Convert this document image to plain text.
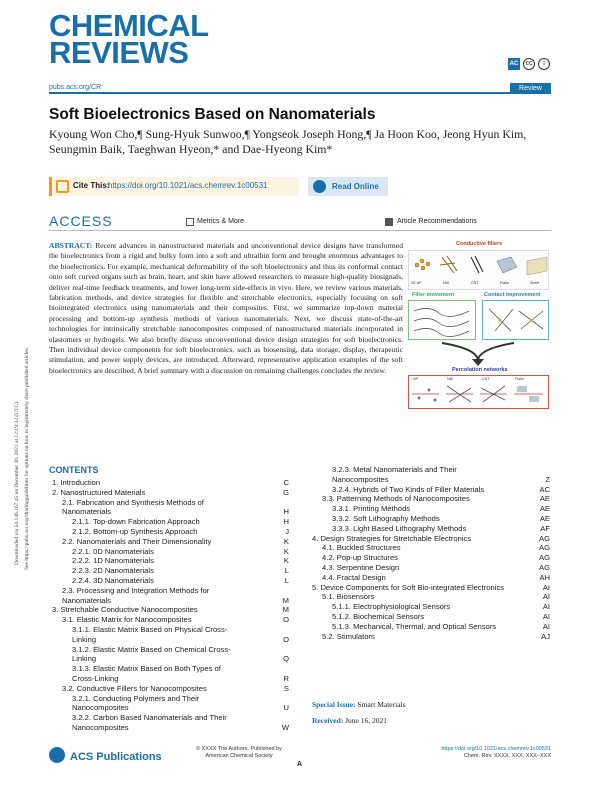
CHEMICAL
REVIEWS	AC	cc	i
pubs.acs.org/CR	Review
Soft Bioelectronics Based on Nanomaterials
Kyoung Won Cho,¶ Sung-Hyuk Sunwoo,¶ Yongseok Joseph Hong,¶ Ja Hoon Koo, Jeong Hyun Kim,
Seungmin Baik, Taeghwan Hyeon,* and Dae-Hyeong Kim*
Cite This:
https://doi.org/10.1021/acs.chemrev.1c00531	Read Online
ACCESS	Metrics & More	Article Recommendations
ABSTRACT: Recent advances in nanostructured materials and unconventional device designs have transformed the bioelectronics from a rigid and bulky form into a soft and ultrathin form and brought enormous advantages to the bioelectronics. For example, mechanical deformability of the soft bioelectronics and thus its conformal contact onto soft curved organs such as brain, heart, and skin have allowed researchers to measure high-quality biosignals, deliver real-time feedback treatments, and lower long-term side-effects in vivo. Here, we review various materials, fabrication methods, and device strategies for flexible and stretchable electronics, especially focusing on soft biointegrated electronics using nanomaterials and their composites. First, we summarize top-down material processing and bottom-up synthesis methods of various nanomaterials. Next, we discuss state-of-the-art technologies for intrinsically stretchable nanocomposites composed of nanostructured materials incorporated in elastomers or hydrogels. We also briefly discuss unconventional device design strategies for soft bioelectronics. Then individual device components for soft bioelectronics, such as biosensing, data storage, display, therapeutic stimulation, and power supply devices, are introduced. Afterward, representative application examples of the soft bioelectronics are described. A brief summary with a discussion on remaining challenges concludes the review.
Conductive fillers
0D NP	NW	CNT	Flake	Sheet
Filler movement	Contact improvement
Percolation networks
NP	NW	CNT	Flake
Downloaded via 54.146.167.45 on December 30, 2021 at 12:19:32 (UTC). See https://pubs.acs.org/sharingguidelines for options on how to legitimately share published articles. CONTENTS
1. Introduction	C
2. Nanostructured Materials	G
2.1. Fabrication and Synthesis Methods of Nanomaterials	H
2.1.1. Top-down Fabrication Approach	H
2.1.2. Bottom-up Synthesis Approach	J
2.2. Nanomaterials and Their Dimensionality	K
2.2.1. 0D Nanomaterials	K
2.2.2. 1D Nanomaterials	K
2.2.3. 2D Nanomaterials	L
2.2.4. 3D Nanomaterials	L
2.3. Processing and Integration Methods for Nanomaterials	M
3. Stretchable Conductive Nanocomposites	M
3.1. Elastic Matrix for Nanocomposites	O
3.1.1. Elastic Matrix Based on Physical Cross-Linking	O
3.1.2. Elastic Matrix Based on Chemical Cross-Linking	Q
3.1.3. Elastic Matrix Based on Both Types of Cross-Linking	R
3.2. Conductive Fillers for Nanocomposites	S
3.2.1. Conducting Polymers and Their Nanocomposites	U
3.2.2. Carbon Based Nanomaterials and Their Nanocomposites	W
3.2.3. Metal Nanomaterials and Their Nanocomposites	Z
3.2.4. Hybrids of Two Kinds of Filler Materials	AC
3.3. Patterning Methods of Nanocomposites	AE
3.3.1. Printing Methods	AE
3.3.2. Soft Lithography Methods	AE
3.3.3. Light Based Lithography Methods	AF
4. Design Strategies for Stretchable Electronics	AG
4.1. Buckled Structures	AG
4.2. Pop-up Structures	AG
4.3. Serpentine Design	AG
4.4. Fractal Design	AH
5. Device Components for Soft Bio-integrated Electronics	AI
5.1. Biosensors	AI
5.1.1. Electrophysiological Sensors	AI
5.1.2. Biochemical Sensors	AI
5.1.3. Mechanical, Thermal, and Optical Sensors	AI
5.2. Stimulators	AJ
Special Issue: Smart Materials
Received: June 16, 2021
ACS Publications
© XXXX The Authors. Published by American Chemical Society
A
https://doi.org/10.1021/acs.chemrev.1c00531
Chem. Rev. XXXX, XXX, XXX−XXX
